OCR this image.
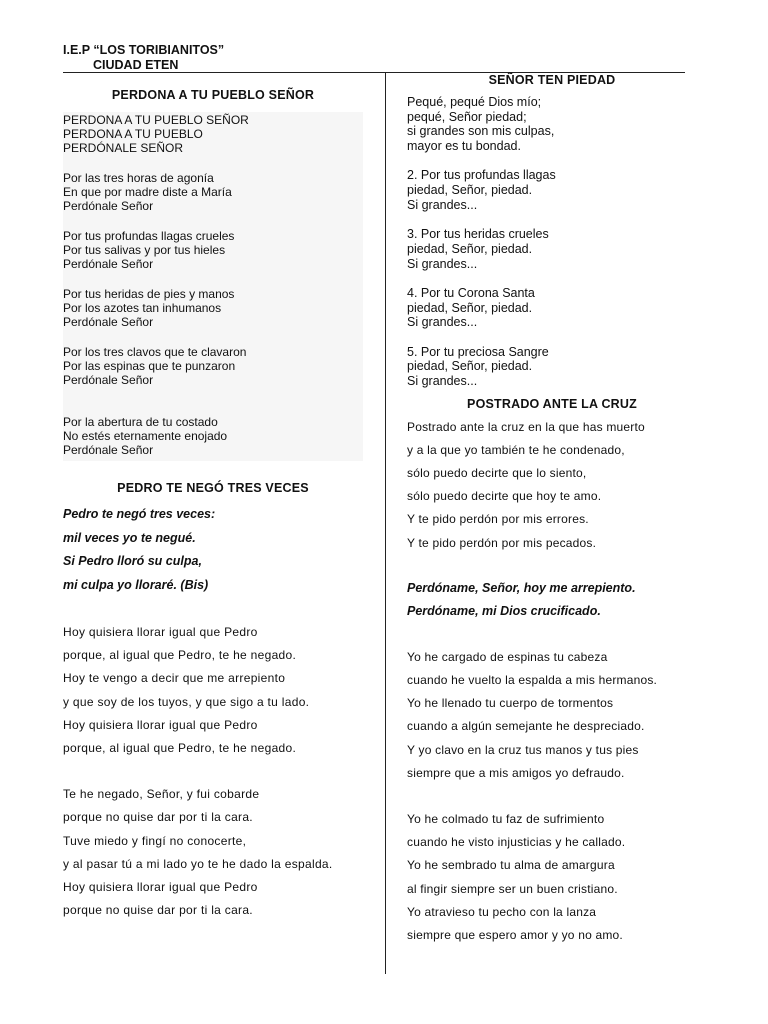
I.E.P “LOS TORIBIANITOS”
CIUDAD ETEN
PERDONA A TU PUEBLO SEÑOR
PERDONA A TU PUEBLO SEÑOR
PERDONA A TU PUEBLO
PERDÓNALE SEÑOR
Por las tres horas de agonía
En que por madre diste a María
Perdónale Señor
Por tus profundas llagas crueles
Por tus salivas y por tus hieles
Perdónale Señor
Por tus heridas de pies y manos
Por los azotes tan inhumanos
Perdónale Señor
Por los tres clavos que te clavaron
Por las espinas que te punzaron
Perdónale Señor
Por la abertura de tu costado
No estés eternamente enojado
Perdónale Señor
PEDRO TE NEGÓ TRES VECES
Pedro te negó tres veces:
mil veces yo te negué.
Si Pedro lloró su culpa,
mi culpa yo lloraré. (Bis)
Hoy quisiera llorar igual que Pedro
porque, al igual que Pedro, te he negado.
Hoy te vengo a decir que me arrepiento
y que soy de los tuyos, y que sigo a tu lado.
Hoy quisiera llorar igual que Pedro
porque, al igual que Pedro, te he negado.
Te he negado, Señor, y fui cobarde
porque no quise dar por ti la cara.
Tuve miedo y fingí no conocerte,
y al pasar tú a mi lado yo te he dado la espalda.
Hoy quisiera llorar igual que Pedro
porque no quise dar por ti la cara.
SEÑOR TEN PIEDAD
Pequé, pequé Dios mío;
pequé, Señor piedad;
si grandes son mis culpas,
mayor es tu bondad.
2. Por tus profundas llagas
piedad, Señor, piedad.
Si grandes...
3. Por tus heridas crueles
piedad, Señor, piedad.
Si grandes...
4. Por tu Corona Santa
piedad, Señor, piedad.
Si grandes...
5. Por tu preciosa Sangre
piedad, Señor, piedad.
Si grandes...
POSTRADO ANTE LA CRUZ
Postrado ante la cruz en la que has muerto
y a la que yo también te he condenado,
sólo puedo decirte que lo siento,
sólo puedo decirte que hoy te amo.
Y te pido perdón por mis errores.
Y te pido perdón por mis pecados.
Perdóname, Señor, hoy me arrepiento.
Perdóname, mi Dios crucificado.
Yo he cargado de espinas tu cabeza
cuando he vuelto la espalda a mis hermanos.
Yo he llenado tu cuerpo de tormentos
cuando a algún semejante he despreciado.
Y yo clavo en la cruz tus manos y tus pies
siempre que a mis amigos yo defraudo.
Yo he colmado tu faz de sufrimiento
cuando he visto injusticias y he callado.
Yo he sembrado tu alma de amargura
al fingir siempre ser un buen cristiano.
Yo atravieso tu pecho con la lanza
siempre que espero amor y yo no amo.
